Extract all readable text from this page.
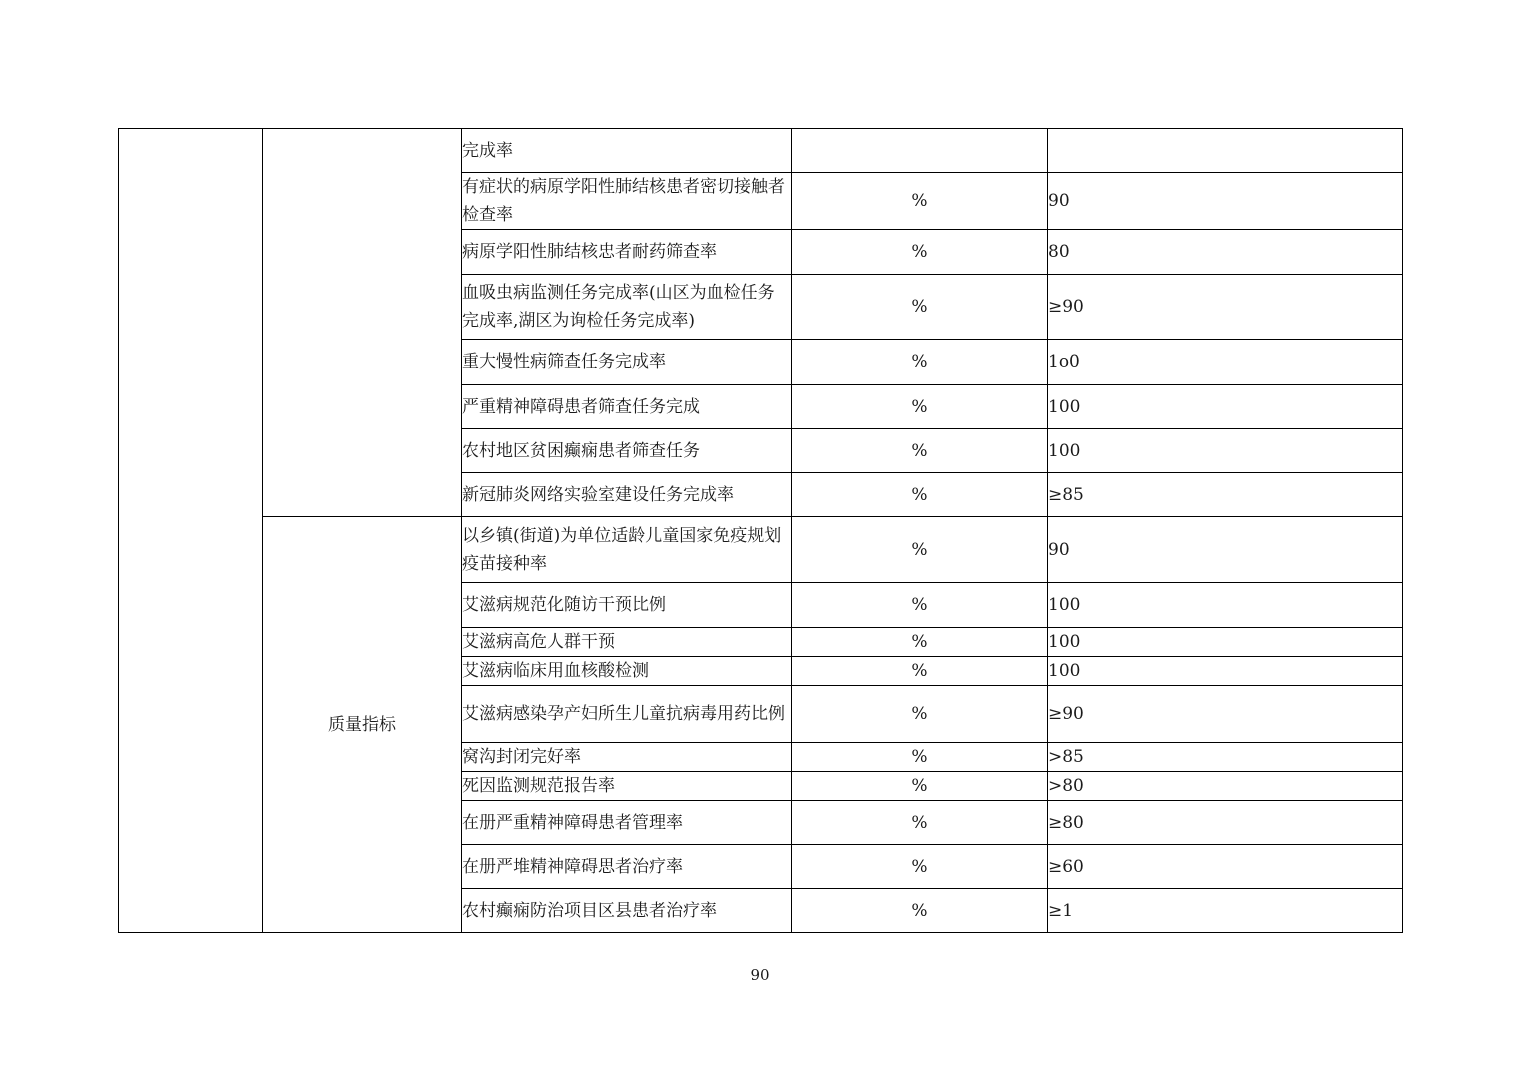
		完成率		
		有症状的病原学阳性肺结核患者密切接触者检查率	%	90
		病原学阳性肺结核忠者耐药筛查率	%	80
		血吸虫病监测任务完成率(山区为血检任务完成率,湖区为询检任务完成率)	%	≥90
		重大慢性病筛查任务完成率	%	1o0
		严重精神障碍患者筛查任务完成	%	100
		农村地区贫困癫痫患者筛查任务	%	100
		新冠肺炎网络实验室建设任务完成率	%	≥85
	质量指标	以乡镇(街道)为单位适龄儿童国家免疫规划疫苗接种率	%	90
		艾滋病规范化随访干预比例	%	100
		艾滋病高危人群干预	%	100
		艾滋病临床用血核酸检测	%	100
		艾滋病感染孕产妇所生儿童抗病毒用药比例	%	≥90
		窝沟封闭完好率	%	>85
		死因监测规范报告率	%	>80
		在册严重精神障碍患者管理率	%	≥80
		在册严堆精神障碍思者治疗率	%	≥60
		农村癫痫防治项目区县患者治疗率	%	≥1
90
